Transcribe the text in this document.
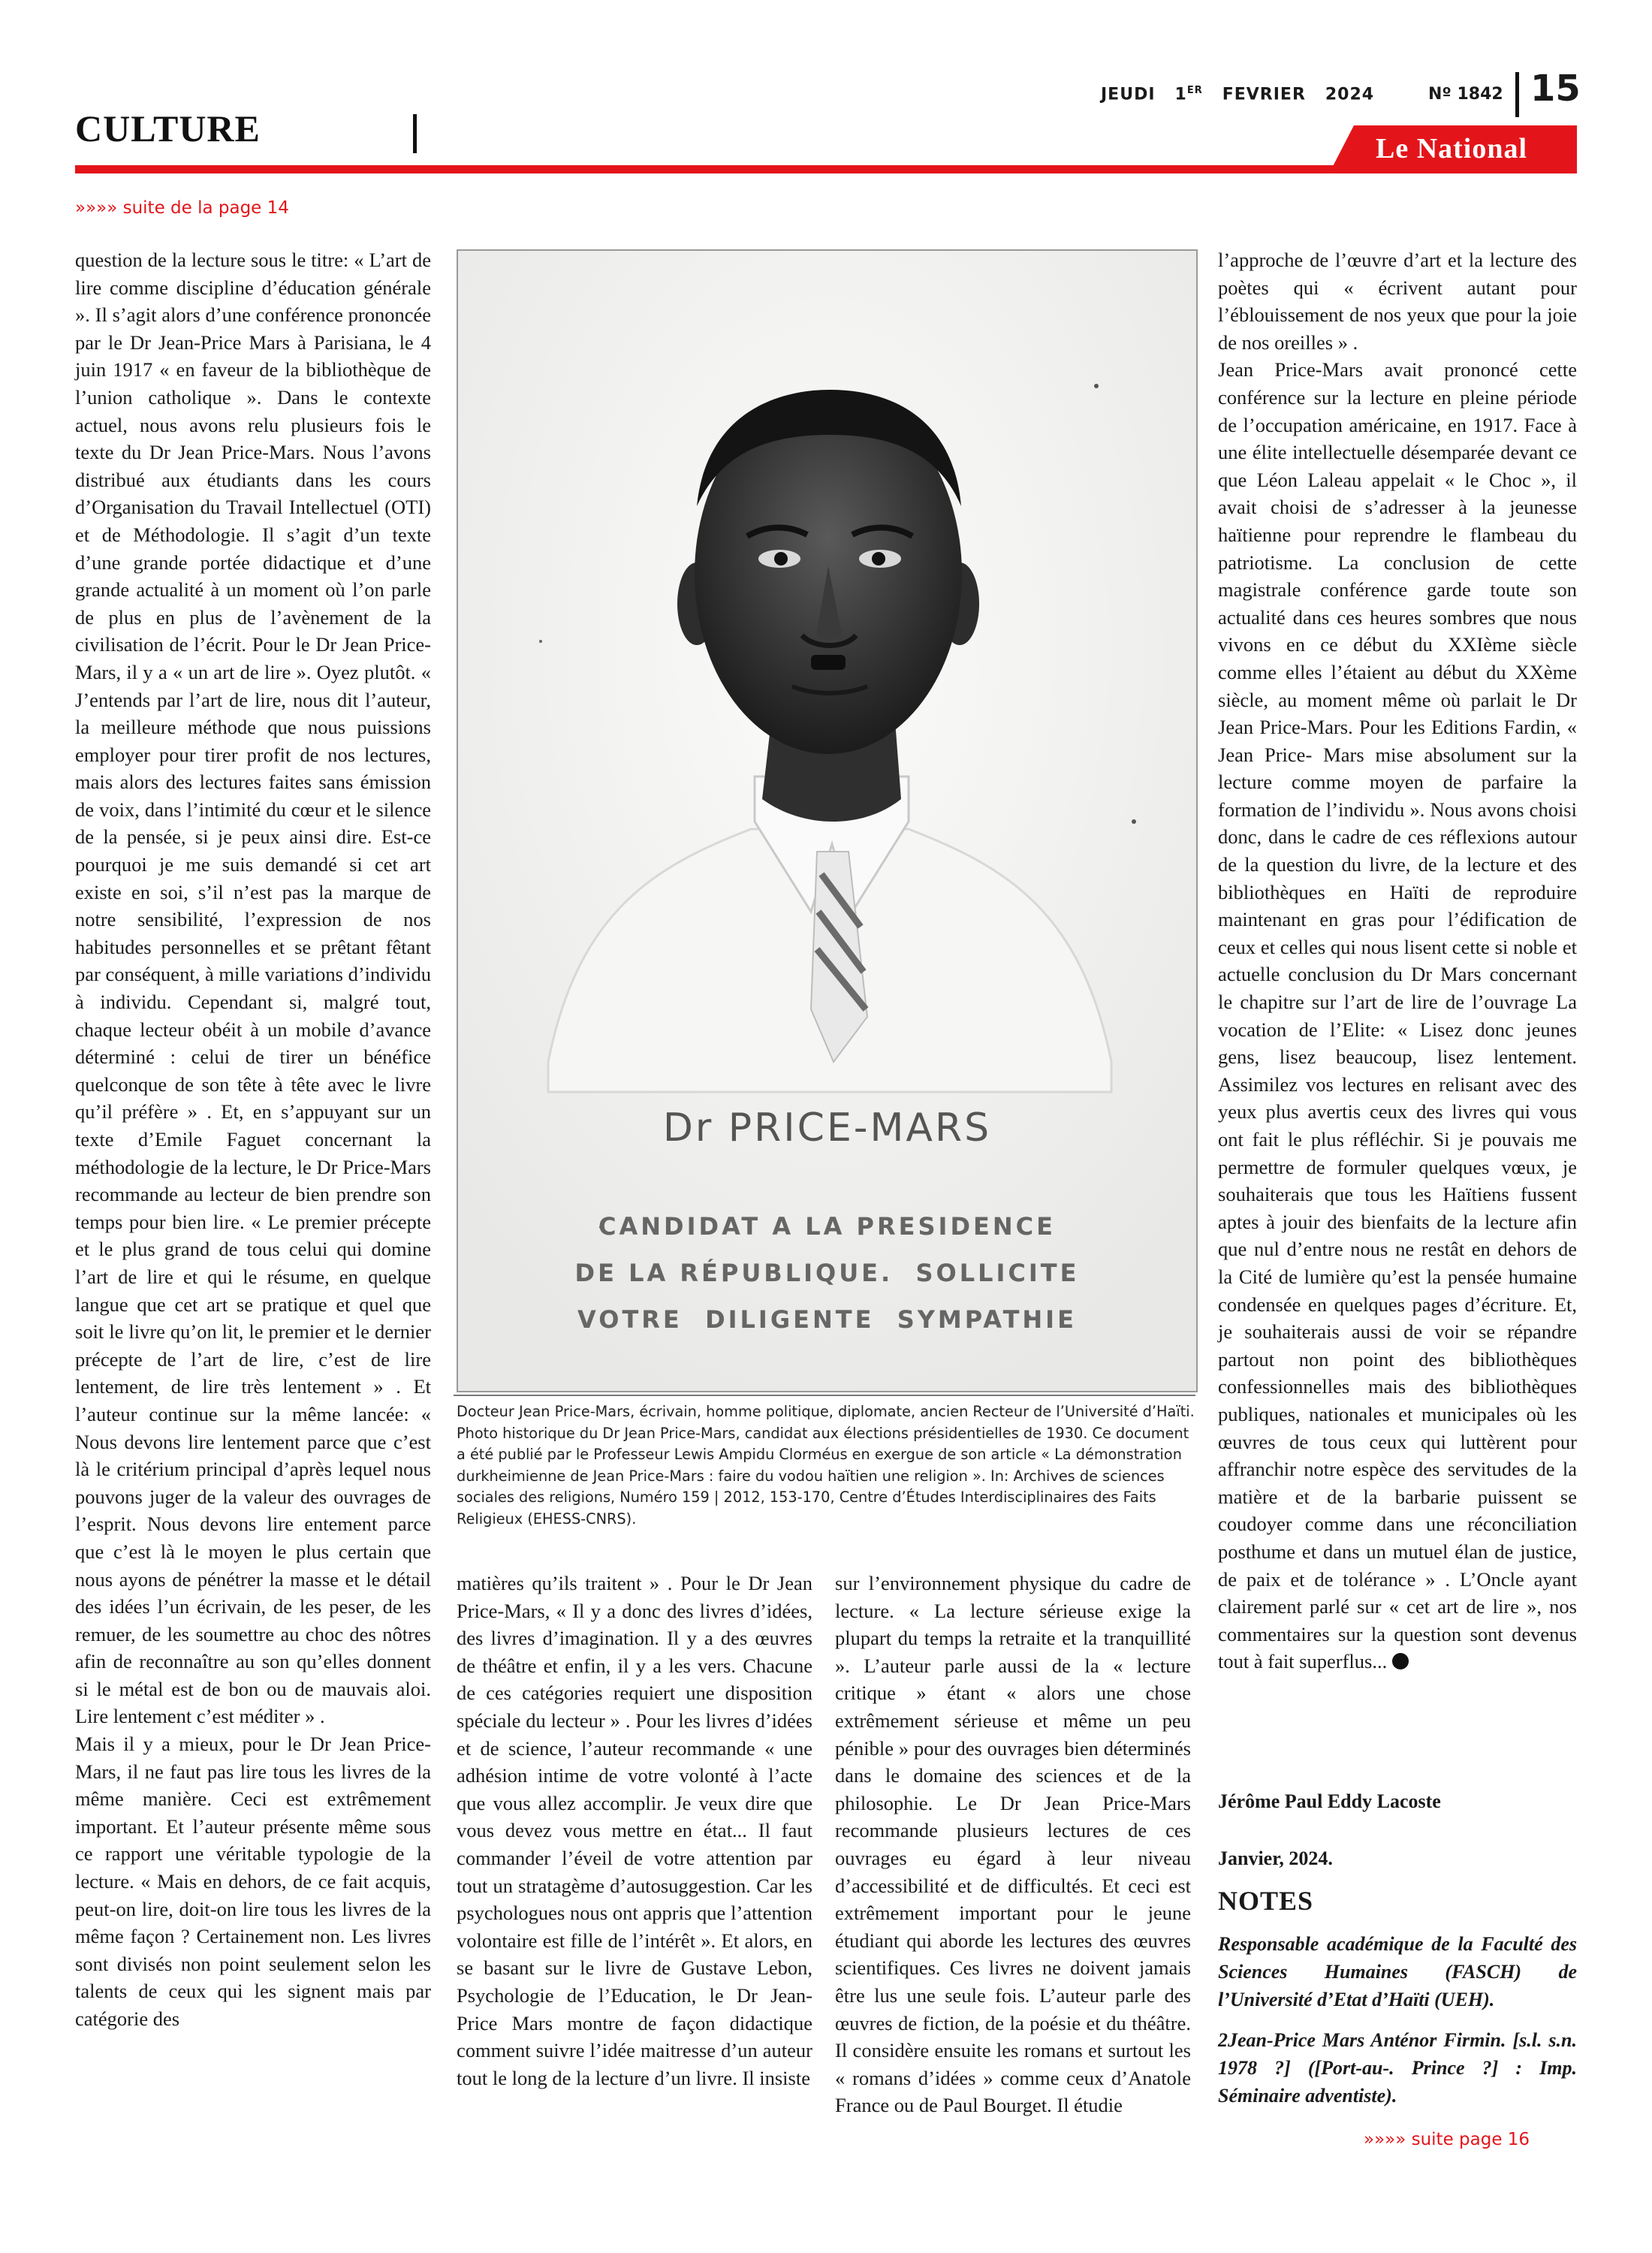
CULTURE
JEUDI 1ER FEVRIER   2024	Nº 1842 15
Le National
»»»» suite de la page 14

question de la lecture sous le titre: « L’art de lire comme discipline d’éducation générale ». Il s’agit alors d’une conférence prononcée par le Dr Jean-Price Mars à Parisiana, le 4 juin 1917 « en faveur de la bibliothèque de l’union catholique ». Dans le contexte actuel, nous avons relu plusieurs fois le texte du Dr Jean Price-Mars. Nous l’avons distribué aux étudiants dans les cours d’Organisation du Travail Intellectuel (OTI) et de Méthodologie. Il s’agit d’un texte d’une grande portée didactique et d’une grande actualité à un moment où l’on parle de plus en plus de l’avènement de la civilisation de l’écrit. Pour le Dr Jean Price-Mars, il y a « un art de lire ». Oyez plutôt. « J’entends par l’art de lire, nous dit l’auteur, la meilleure méthode que nous puissions employer pour tirer profit de nos lectures, mais alors des lectures faites sans émission de voix, dans l’intimité du cœur et le silence de la pensée, si je peux ainsi dire. Est-ce pourquoi je me suis demandé si cet art existe en soi, s’il n’est pas la marque de notre sensibilité, l’expression de nos habitudes personnelles et se prêtant fêtant par conséquent, à mille variations d’individu à individu. Cependant si, malgré tout, chaque lecteur obéit à un mobile d’avance déterminé : celui de tirer un bénéfice quelconque de son tête à tête avec le livre qu’il préfère » . Et, en s’appuyant sur un texte d’Emile Faguet concernant la méthodologie de la lecture, le Dr Price-Mars recommande au lecteur de bien prendre son temps pour bien lire. « Le premier précepte et le plus grand de tous celui qui domine l’art de lire et qui le résume, en quelque langue que cet art se pratique et quel que soit le livre qu’on lit, le premier et le dernier précepte de l’art de lire, c’est de lire lentement, de lire très lentement » . Et l’auteur continue sur la même lancée: « Nous devons lire lentement parce que c’est là le critérium principal d’après lequel nous pouvons juger de la valeur des ouvrages de l’esprit. Nous devons lire entement parce que c’est là le moyen le plus certain que nous ayons de pénétrer la masse et le détail des idées l’un écrivain, de les peser, de les remuer, de les soumettre au choc des nôtres afin de reconnaître au son qu’elles donnent si le métal est de bon ou de mauvais aloi. Lire lentement c’est méditer » .

Mais il y a mieux, pour le Dr Jean Price-Mars, il ne faut pas lire tous les livres de la même manière. Ceci est extrêmement important. Et l’auteur présente même sous ce rapport une véritable typologie de la lecture. « Mais en dehors, de ce fait acquis, peut-on lire, doit-on lire tous les livres de la même façon ? Certainement non. Les livres sont divisés non point seulement selon les talents de ceux qui les signent mais par catégorie des

Dr PRICE-MARS
CANDIDAT A LA PRESIDENCE
DE LA RÉPUBLIQUE.  SOLLICITE
VOTRE  DILIGENTE  SYMPATHIE
Docteur Jean Price-Mars, écrivain, homme politique, diplomate, ancien Recteur de l’Université d’Haïti. Photo historique du Dr Jean Price-Mars, candidat aux élections présidentielles de 1930. Ce document a été publié par le Professeur Lewis Ampidu Clorméus en exergue de son article « La démonstration durkheimienne de Jean Price-Mars : faire du vodou haïtien une religion ». In: Archives de sciences sociales des religions, Numéro 159 | 2012, 153-170, Centre d’Études Interdisciplinaires des Faits Religieux (EHESS-CNRS).

matières qu’ils traitent » . Pour le Dr Jean Price-Mars, « Il y a donc des livres d’idées, des livres d’imagination. Il y a des œuvres de théâtre et enfin, il y a les vers. Chacune de ces catégories requiert une disposition spéciale du lecteur » . Pour les livres d’idées et de science, l’auteur recommande « une adhésion intime de votre volonté à l’acte que vous allez accomplir. Je veux dire que vous devez vous mettre en état... Il faut commander l’éveil de votre attention par tout un stratagème d’autosuggestion. Car les psychologues nous ont appris que l’attention volontaire est fille de l’intérêt ». Et alors, en se basant sur le livre de Gustave Lebon, Psychologie de l’Education, le Dr Jean-Price Mars montre de façon didactique comment suivre l’idée maitresse d’un auteur tout le long de la lecture d’un livre. Il insiste

sur l’environnement physique du cadre de lecture. « La lecture sérieuse exige la plupart du temps la retraite et la tranquillité ». L’auteur parle aussi de la « lecture critique » étant « alors une chose extrêmement sérieuse et même un peu pénible » pour des ouvrages bien déterminés dans le domaine des sciences et de la philosophie. Le Dr Jean Price-Mars recommande plusieurs lectures de ces ouvrages eu égard à leur niveau d’accessibilité et de difficultés. Et ceci est extrêmement important pour le jeune étudiant qui aborde les lectures des œuvres scientifiques. Ces livres ne doivent jamais être lus une seule fois. L’auteur parle des œuvres de fiction, de la poésie et du théâtre. Il considère ensuite les romans et surtout les « romans d’idées » comme ceux d’Anatole France ou de Paul Bourget. Il étudie

l’approche de l’œuvre d’art et la lecture des poètes qui « écrivent autant pour l’éblouissement de nos yeux que pour la joie de nos oreilles » .

Jean Price-Mars avait prononcé cette conférence sur la lecture en pleine période de l’occupation américaine, en 1917. Face à une élite intellectuelle désemparée devant ce que Léon Laleau appelait « le Choc », il avait choisi de s’adresser à la jeunesse haïtienne pour reprendre le flambeau du patriotisme. La conclusion de cette magistrale conférence garde toute son actualité dans ces heures sombres que nous vivons en ce début du XXIème siècle comme elles l’étaient au début du XXème siècle, au moment même où parlait le Dr Jean Price-Mars. Pour les Editions Fardin, « Jean Price- Mars mise absolument sur la lecture comme moyen de parfaire la formation de l’individu ». Nous avons choisi donc, dans le cadre de ces réflexions autour de la question du livre, de la lecture et des bibliothèques en Haïti de reproduire maintenant en gras pour l’édification de ceux et celles qui nous lisent cette si noble et actuelle conclusion du Dr Mars concernant le chapitre sur l’art de lire de l’ouvrage La vocation de l’Elite: « Lisez donc jeunes gens, lisez beaucoup, lisez lentement. Assimilez vos lectures en relisant avec des yeux plus avertis ceux des livres qui vous ont fait le plus réfléchir. Si je pouvais me permettre de formuler quelques vœux, je souhaiterais que tous les Haïtiens fussent aptes à jouir des bienfaits de la lecture afin que nul d’entre nous ne restât en dehors de la Cité de lumière qu’est la pensée humaine condensée en quelques pages d’écriture. Et, je souhaiterais aussi de voir se répandre partout non point des bibliothèques confessionnelles mais des bibliothèques publiques, nationales et municipales où les œuvres de tous ceux qui luttèrent pour affranchir notre espèce des servitudes de la matière et de la barbarie puissent se coudoyer comme dans une réconciliation posthume et dans un mutuel élan de justice, de paix et de tolérance » . L’Oncle ayant clairement parlé sur « cet art de lire », nos commentaires sur la question sont devenus tout à fait superflus...

Jérôme Paul Eddy Lacoste
Janvier, 2024.
NOTES
Responsable académique de la Faculté des Sciences Humaines (FASCH) de l’Université d’Etat d’Haïti (UEH).
2Jean-Price Mars Anténor Firmin. [s.l. s.n. 1978 ?] ([Port-au-. Prince ?] : Imp. Séminaire adventiste).
»»»» suite page 16
